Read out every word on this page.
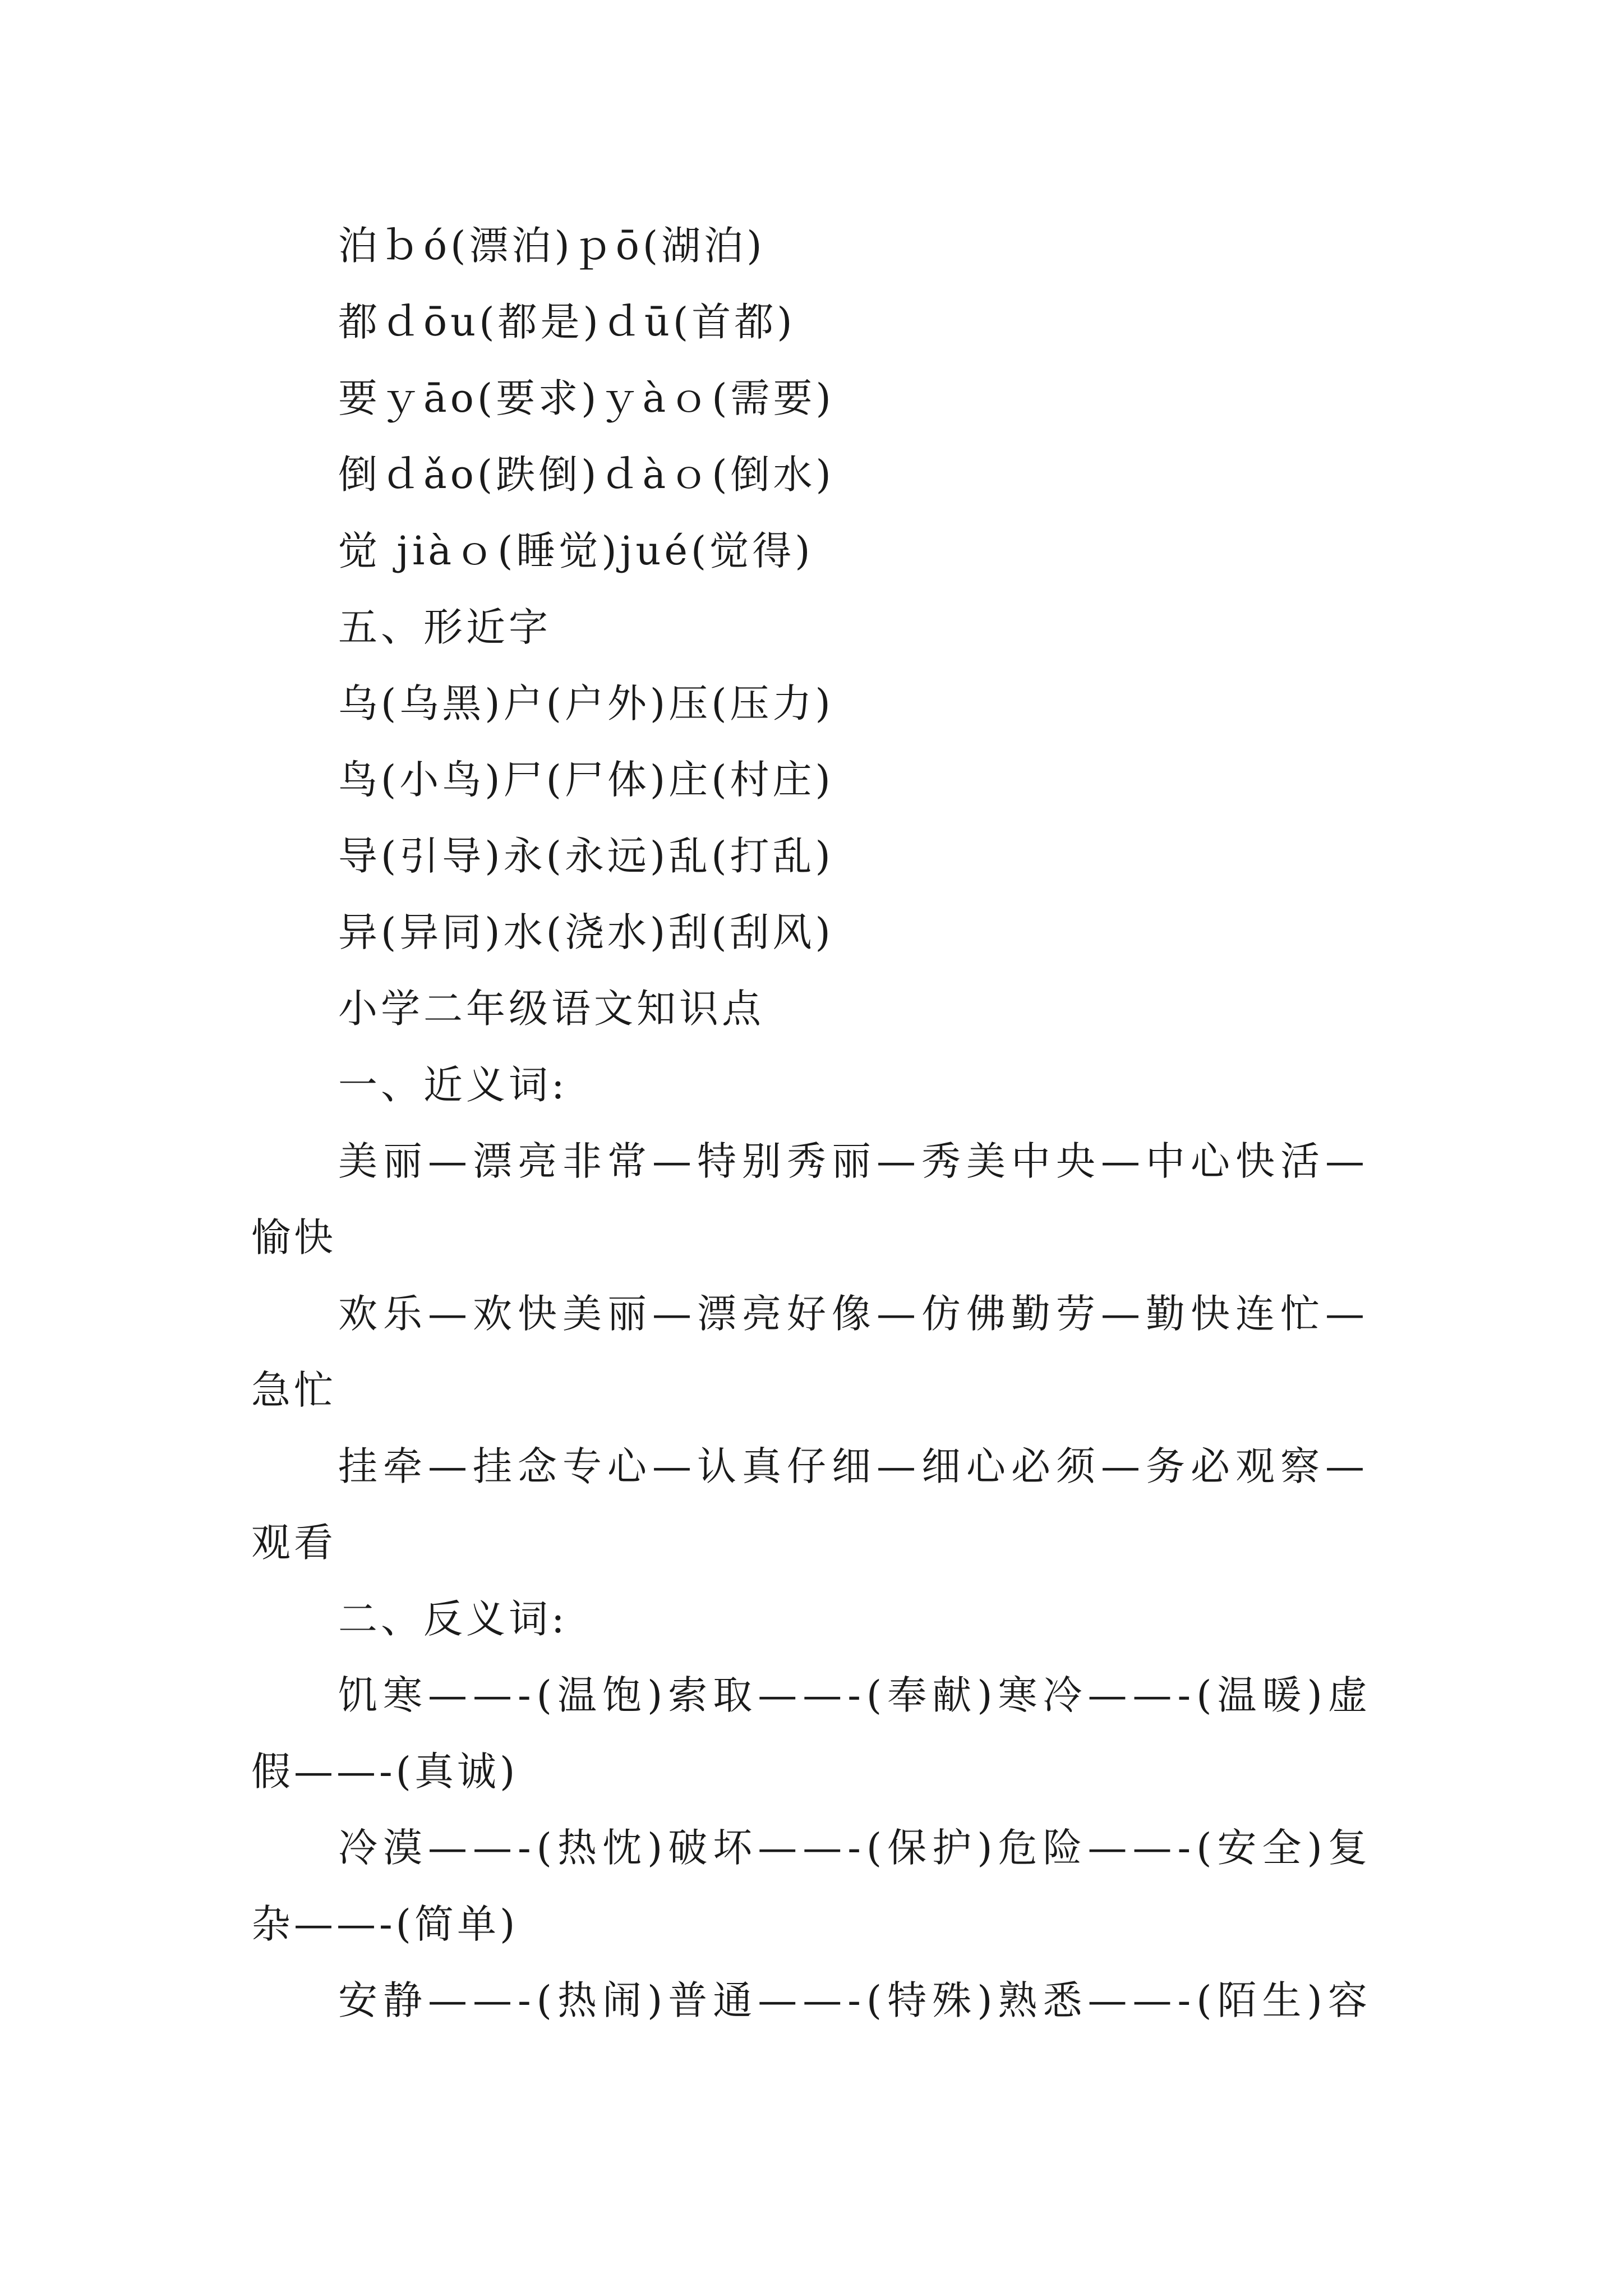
泊ｂó(漂泊)ｐō(湖泊)

都ｄōu(都是)ｄū(首都)

要ｙāo(要求)ｙàｏ(需要)

倒ｄǎo(跌倒)ｄàｏ(倒水)

觉 jiàｏ(睡觉)jué(觉得)

五、形近字

乌(乌黑)户(户外)压(压力)

鸟(小鸟)尸(尸体)庄(村庄)

导(引导)永(永远)乱(打乱)

异(异同)水(浇水)刮(刮风)

小学二年级语文知识点

一、近义词:

美丽—漂亮非常—特别秀丽—秀美中央—中心快活—

愉快

欢乐—欢快美丽—漂亮好像—仿佛勤劳—勤快连忙—

急忙

挂牵—挂念专心—认真仔细—细心必须—务必观察—

观看

二、反义词:

饥寒——-(温饱)索取——-(奉献)寒冷——-(温暖)虚

假——-(真诚)

冷漠——-(热忱)破坏——-(保护)危险——-(安全)复

杂——-(简单)

安静——-(热闹)普通——-(特殊)熟悉——-(陌生)容
